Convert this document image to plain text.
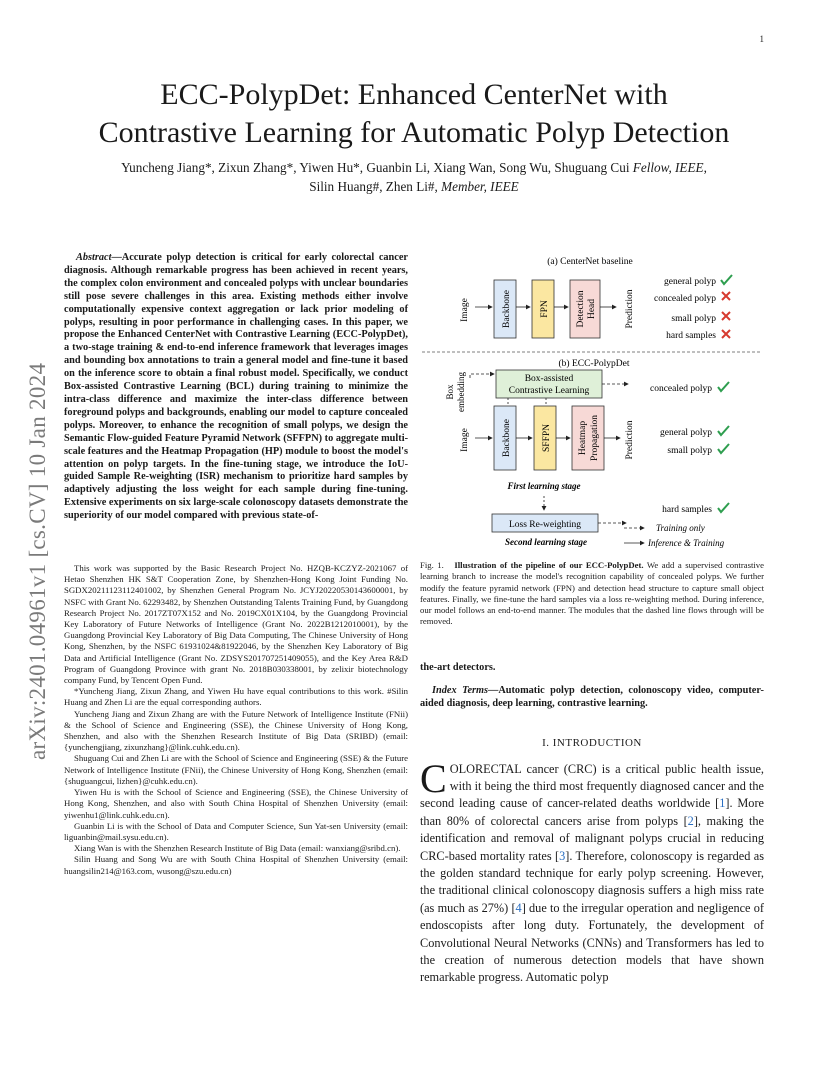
1
arXiv:2401.04961v1 [cs.CV] 10 Jan 2024
ECC-PolypDet: Enhanced CenterNet with
Contrastive Learning for Automatic Polyp Detection
Yuncheng Jiang*, Zixun Zhang*, Yiwen Hu*, Guanbin Li, Xiang Wan, Song Wu, Shuguang Cui Fellow, IEEE,
Silin Huang#, Zhen Li#, Member, IEEE

Abstract—Accurate polyp detection is critical for early colorectal cancer diagnosis. Although remarkable progress has been achieved in recent years, the complex colon environment and concealed polyps with unclear boundaries still pose severe challenges in this area. Existing methods either involve computationally expensive context aggregation or lack prior modeling of polyps, resulting in poor performance in challenging cases. In this paper, we propose the Enhanced CenterNet with Contrastive Learning (ECC-PolypDet), a two-stage training & end-to-end inference framework that leverages images and bounding box annotations to train a general model and fine-tune it based on the inference score to obtain a final robust model. Specifically, we conduct Box-assisted Contrastive Learning (BCL) during training to minimize the intra-class difference and maximize the inter-class difference between foreground polyps and backgrounds, enabling our model to capture concealed polyps. Moreover, to enhance the recognition of small polyps, we design the Semantic Flow-guided Feature Pyramid Network (SFFPN) to aggregate multi-scale features and the Heatmap Propagation (HP) module to boost the model's attention on polyp targets. In the fine-tuning stage, we introduce the IoU-guided Sample Re-weighting (ISR) mechanism to prioritize hard samples by adaptively adjusting the loss weight for each sample during fine-tuning. Extensive experiments on six large-scale colonoscopy datasets demonstrate the superiority of our model compared with previous state-of-

This work was supported by the Basic Research Project No. HZQB-KCZYZ-2021067 of Hetao Shenzhen HK S&T Cooperation Zone, by Shenzhen-Hong Kong Joint Funding No. SGDX20211123112401002, by Shenzhen General Program No. JCYJ20220530143600001, by NSFC with Grant No. 62293482, by Shenzhen Outstanding Talents Training Fund, by Guangdong Research Project No. 2017ZT07X152 and No. 2019CX01X104, by the Guangdong Provincial Key Laboratory of Future Networks of Intelligence (Grant No. 2022B1212010001), by the Guangdong Provincial Key Laboratory of Big Data Computing, The Chinese University of Hong Kong, Shenzhen, by the NSFC 61931024&81922046, by the Shenzhen Key Laboratory of Big Data and Artificial Intelligence (Grant No. ZDSYS201707251409055), and the Key Area R&D Program of Guangdong Province with grant No. 2018B030338001, by zelixir biotechnology company Fund, by Tencent Open Fund.

*Yuncheng Jiang, Zixun Zhang, and Yiwen Hu have equal contributions to this work. #Silin Huang and Zhen Li are the equal corresponding authors.

Yuncheng Jiang and Zixun Zhang are with the Future Network of Intelligence Institute (FNii) & the School of Science and Engineering (SSE), the Chinese University of Hong Kong, Shenzhen, and also with the Shenzhen Research Institute of Big Data (SRIBD) (email: {yunchengjiang, zixunzhang}@link.cuhk.edu.cn).

Shuguang Cui and Zhen Li are with the School of Science and Engineering (SSE) & the Future Network of Intelligence Institute (FNii), the Chinese University of Hong Kong, Shenzhen (email:{shuguangcui, lizhen}@cuhk.edu.cn).

Yiwen Hu is with the School of Science and Engineering (SSE), the Chinese University of Hong Kong, Shenzhen, and also with South China Hospital of Shenzhen University (email: yiwenhu1@link.cuhk.edu.cn).

Guanbin Li is with the School of Data and Computer Science, Sun Yat-sen University (email: liguanbin@mail.sysu.edu.cn).

Xiang Wan is with the Shenzhen Research Institute of Big Data (email: wanxiang@sribd.cn).

Silin Huang and Song Wu are with South China Hospital of Shenzhen University (email: huangsilin214@163.com, wusong@szu.edu.cn)

(a) CenterNet baseline
Image	Backbone	FPN	Detection Head	Prediction
general polyp
concealed polyp
small polyp
hard samples
(b) ECC-PolypDet
Box embedding	Box-assisted
Contrastive Learning	concealed polyp
Image	Backbone	SFFPN	Heatmap Propagation	Prediction	general polyp
small polyp
First learning stage
Loss Re-weighting
Second learning stage
hard samples
Training only
Inference & Training
Fig. 1. Illustration of the pipeline of our ECC-PolypDet. We add a supervised contrastive learning branch to increase the model's recognition capability of concealed polyps. We further modify the feature pyramid network (FPN) and detection head structure to capture small object features. Finally, we fine-tune the hard samples via a loss re-weighting method. During inference, our model follows an end-to-end manner. The modules that the dashed line flows through will be removed.
the-art detectors.
Index Terms—Automatic polyp detection, colonoscopy video, computer-aided diagnosis, deep learning, contrastive learning.
I. INTRODUCTION
COLORECTAL cancer (CRC) is a critical public health issue, with it being the third most frequently diagnosed cancer and the second leading cause of cancer-related deaths worldwide [1]. More than 80% of colorectal cancers arise from polyps [2], making the identification and removal of malignant polyps crucial in reducing CRC-based mortality rates [3]. Therefore, colonoscopy is regarded as the golden standard technique for early polyp screening. However, the traditional clinical colonoscopy diagnosis suffers a high miss rate (as much as 27%) [4] due to the irregular operation and negligence of endoscopists after long duty. Fortunately, the development of Convolutional Neural Networks (CNNs) and Transformers has led to the creation of numerous detection models that have shown remarkable progress. Automatic polyp
